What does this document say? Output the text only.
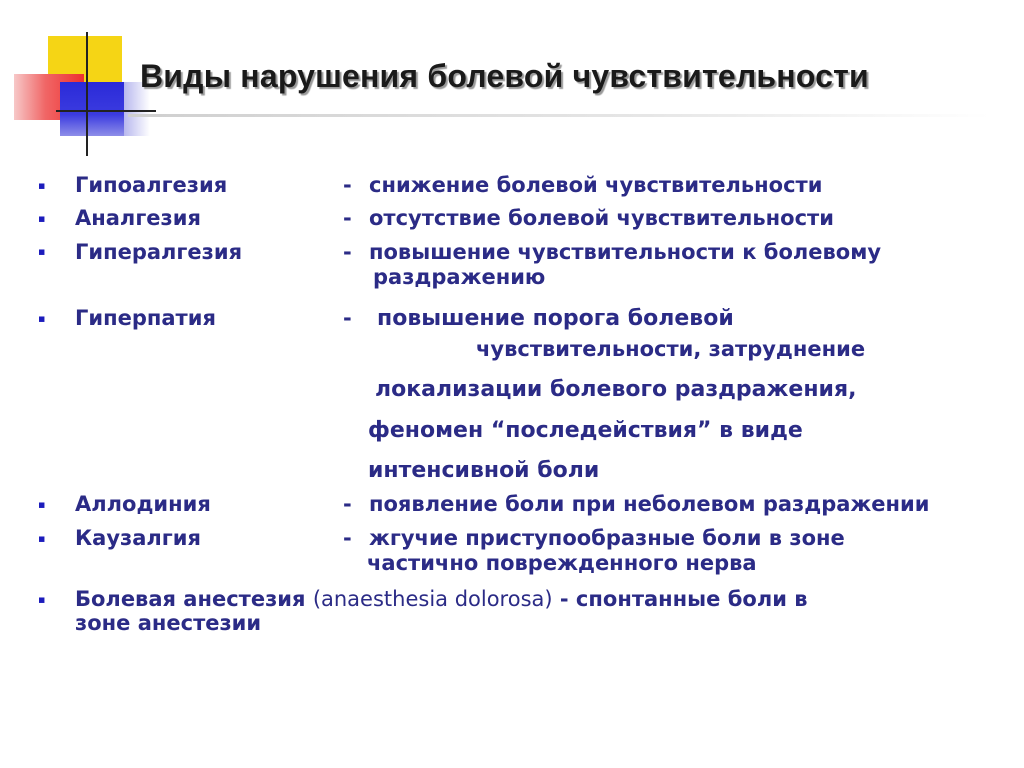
Виды нарушения болевой чувствительности
▪ Гипоалгезия	- снижение болевой чувствительности
▪ Аналгезия	- отсутствие болевой чувствительности
▪ Гипералгезия	- повышение чувствительности к болевому
раздражению
▪ Гиперпатия	- повышение порога болевой
чувствительности, затруднение
локализации болевого раздражения,
феномен “последействия” в виде
интенсивной боли
▪ Аллодиния	- появление боли при неболевом раздражении
▪ Каузалгия	- жгучие приступообразные боли в зоне
частично поврежденного нерва
▪ Болевая анестезия (anaesthesia dolorosa) - спонтанные боли в
зоне анестезии
